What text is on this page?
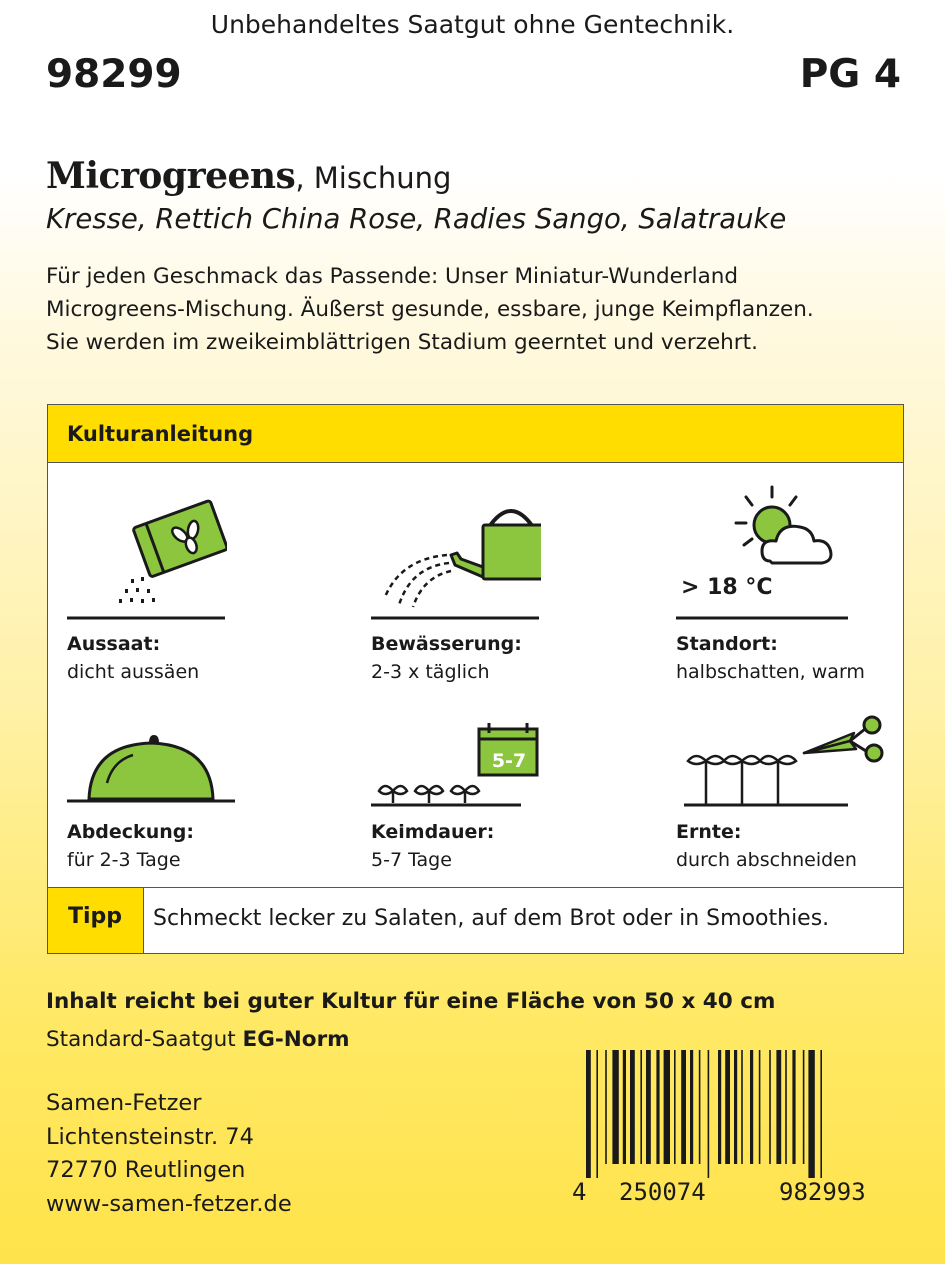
Unbehandeltes Saatgut ohne Gentechnik.
98299	PG 4
Microgreens, Mischung
Kresse, Rettich China Rose, Radies Sango, Salatrauke
Für jeden Geschmack das Passende: Unser Miniatur-Wunderland
Microgreens-Mischung. Äußerst gesunde, essbare, junge Keimpflanzen.
Sie werden im zweikeimblättrigen Stadium geerntet und verzehrt.
Kulturanleitung
Aussaat:
dicht aussäen
Bewässerung:
2-3 x täglich
> 18 °C
Standort:
halbschatten, warm
Abdeckung:
für 2-3 Tage
5-7
Keimdauer:
5-7 Tage
Ernte:
durch abschneiden
Tipp	Schmeckt lecker zu Salaten, auf dem Brot oder in Smoothies.
Inhalt reicht bei guter Kultur für eine Fläche von 50 x 40 cm
Standard-Saatgut EG-Norm
Samen-Fetzer
Lichtensteinstr. 74
72770 Reutlingen
www-samen-fetzer.de	4 250074	982993
